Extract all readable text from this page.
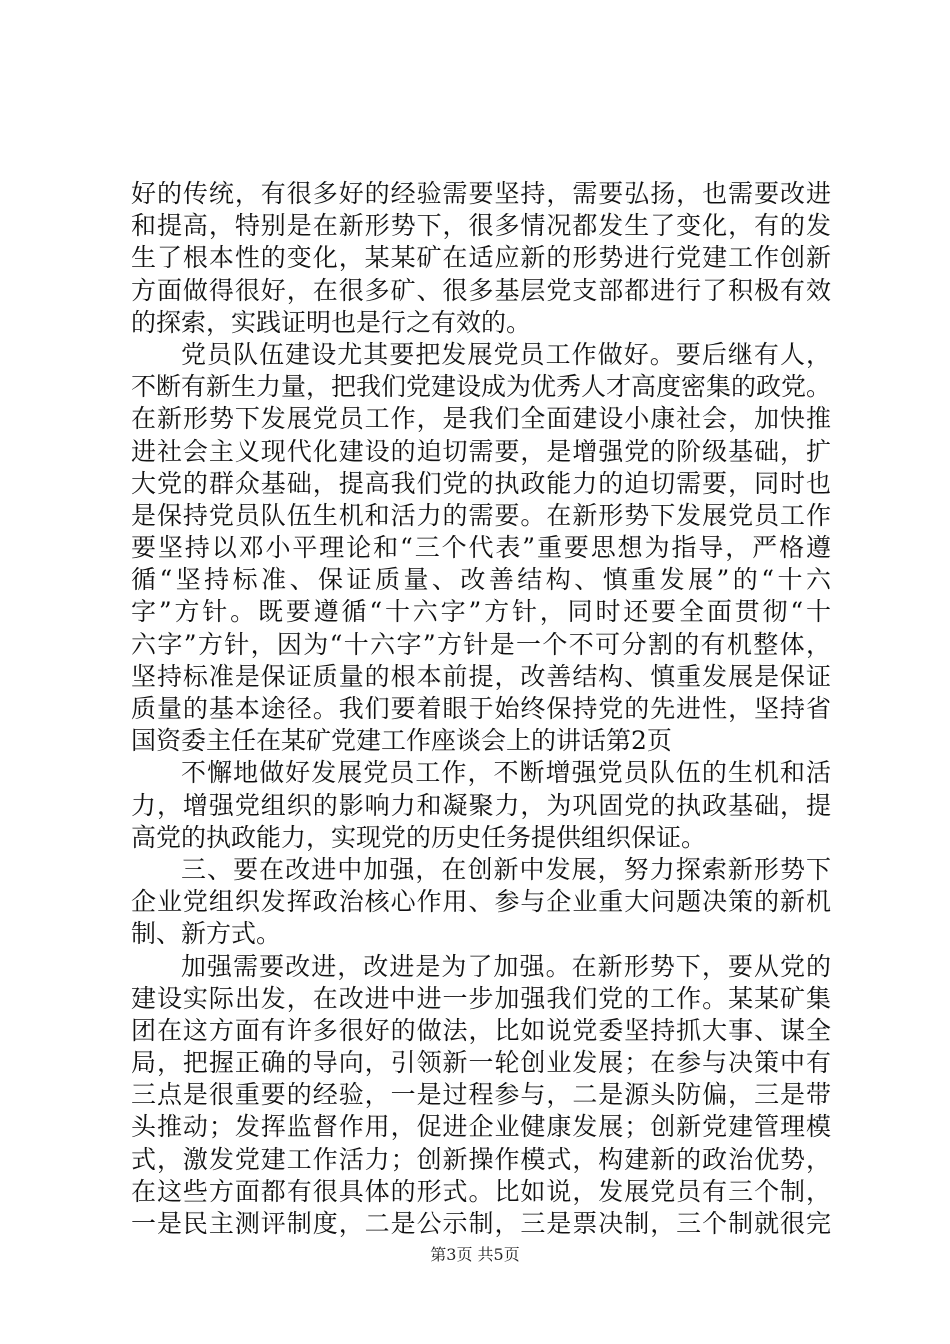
好的传统，有很多好的经验需要坚持，需要弘扬，也需要改进
和提高，特别是在新形势下，很多情况都发生了变化，有的发
生了根本性的变化，某某矿在适应新的形势进行党建工作创新
方面做得很好，在很多矿、很多基层党支部都进行了积极有效
的探索，实践证明也是行之有效的。
党员队伍建设尤其要把发展党员工作做好。要后继有人，
不断有新生力量，把我们党建设成为优秀人才高度密集的政党。
在新形势下发展党员工作，是我们全面建设小康社会，加快推
进社会主义现代化建设的迫切需要，是增强党的阶级基础，扩
大党的群众基础，提高我们党的执政能力的迫切需要，同时也
是保持党员队伍生机和活力的需要。在新形势下发展党员工作
要坚持以邓小平理论和“三个代表”重要思想为指导，严格遵
循“坚持标准、保证质量、改善结构、慎重发展”的“十六
字”方针。既要遵循“十六字”方针，同时还要全面贯彻“十
六字”方针，因为“十六字”方针是一个不可分割的有机整体，
坚持标准是保证质量的根本前提，改善结构、慎重发展是保证
质量的基本途径。我们要着眼于始终保持党的先进性，坚持省
国资委主任在某矿党建工作座谈会上的讲话第2页
不懈地做好发展党员工作，不断增强党员队伍的生机和活
力，增强党组织的影响力和凝聚力，为巩固党的执政基础，提
高党的执政能力，实现党的历史任务提供组织保证。
三、要在改进中加强，在创新中发展，努力探索新形势下
企业党组织发挥政治核心作用、参与企业重大问题决策的新机
制、新方式。
加强需要改进，改进是为了加强。在新形势下，要从党的
建设实际出发，在改进中进一步加强我们党的工作。某某矿集
团在这方面有许多很好的做法，比如说党委坚持抓大事、谋全
局，把握正确的导向，引领新一轮创业发展；在参与决策中有
三点是很重要的经验，一是过程参与，二是源头防偏，三是带
头推动；发挥监督作用，促进企业健康发展；创新党建管理模
式，激发党建工作活力；创新操作模式，构建新的政治优势，
在这些方面都有很具体的形式。比如说，发展党员有三个制，
一是民主测评制度，二是公示制，三是票决制，三个制就很完
第3页 共5页
